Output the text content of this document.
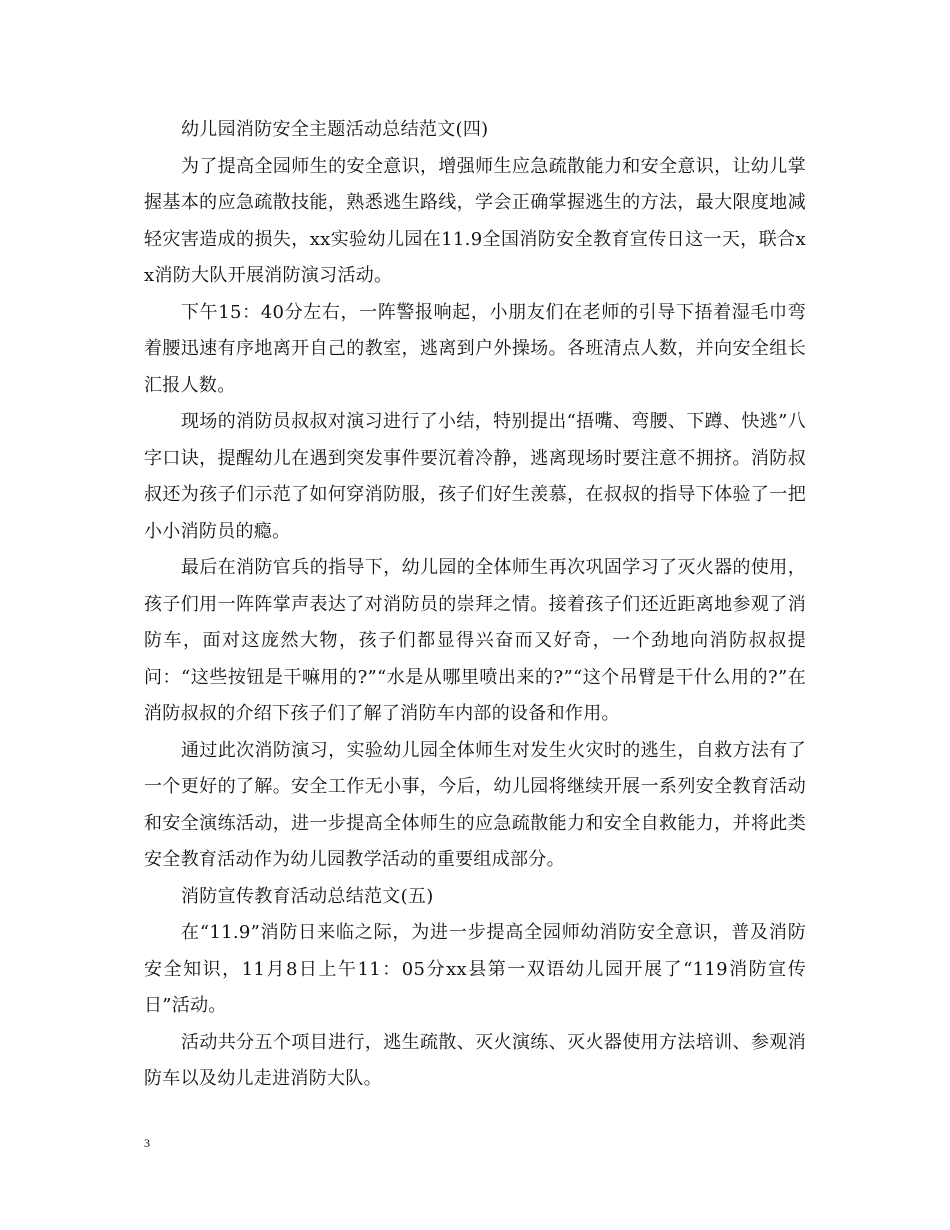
幼儿园消防安全主题活动总结范文(四)

为了提高全园师生的安全意识，增强师生应急疏散能力和安全意识，让幼儿掌握基本的应急疏散技能，熟悉逃生路线，学会正确掌握逃生的方法，最大限度地减轻灾害造成的损失，xx实验幼儿园在11.9全国消防安全教育宣传日这一天，联合xx消防大队开展消防演习活动。

下午15：40分左右，一阵警报响起，小朋友们在老师的引导下捂着湿毛巾弯着腰迅速有序地离开自己的教室，逃离到户外操场。各班清点人数，并向安全组长汇报人数。

现场的消防员叔叔对演习进行了小结，特别提出“捂嘴、弯腰、下蹲、快逃”八字口诀，提醒幼儿在遇到突发事件要沉着冷静，逃离现场时要注意不拥挤。消防叔叔还为孩子们示范了如何穿消防服，孩子们好生羡慕，在叔叔的指导下体验了一把小小消防员的瘾。

最后在消防官兵的指导下，幼儿园的全体师生再次巩固学习了灭火器的使用，孩子们用一阵阵掌声表达了对消防员的崇拜之情。接着孩子们还近距离地参观了消防车，面对这庞然大物，孩子们都显得兴奋而又好奇，一个劲地向消防叔叔提问：“这些按钮是干嘛用的?”“水是从哪里喷出来的?”“这个吊臂是干什么用的?”在消防叔叔的介绍下孩子们了解了消防车内部的设备和作用。

通过此次消防演习，实验幼儿园全体师生对发生火灾时的逃生，自救方法有了一个更好的了解。安全工作无小事，今后，幼儿园将继续开展一系列安全教育活动和安全演练活动，进一步提高全体师生的应急疏散能力和安全自救能力，并将此类安全教育活动作为幼儿园教学活动的重要组成部分。

消防宣传教育活动总结范文(五)

在“11.9”消防日来临之际，为进一步提高全园师幼消防安全意识，普及消防安全知识，11月8日上午11：05分xx县第一双语幼儿园开展了“119消防宣传日”活动。

活动共分五个项目进行，逃生疏散、灭火演练、灭火器使用方法培训、参观消防车以及幼儿走进消防大队。

3
